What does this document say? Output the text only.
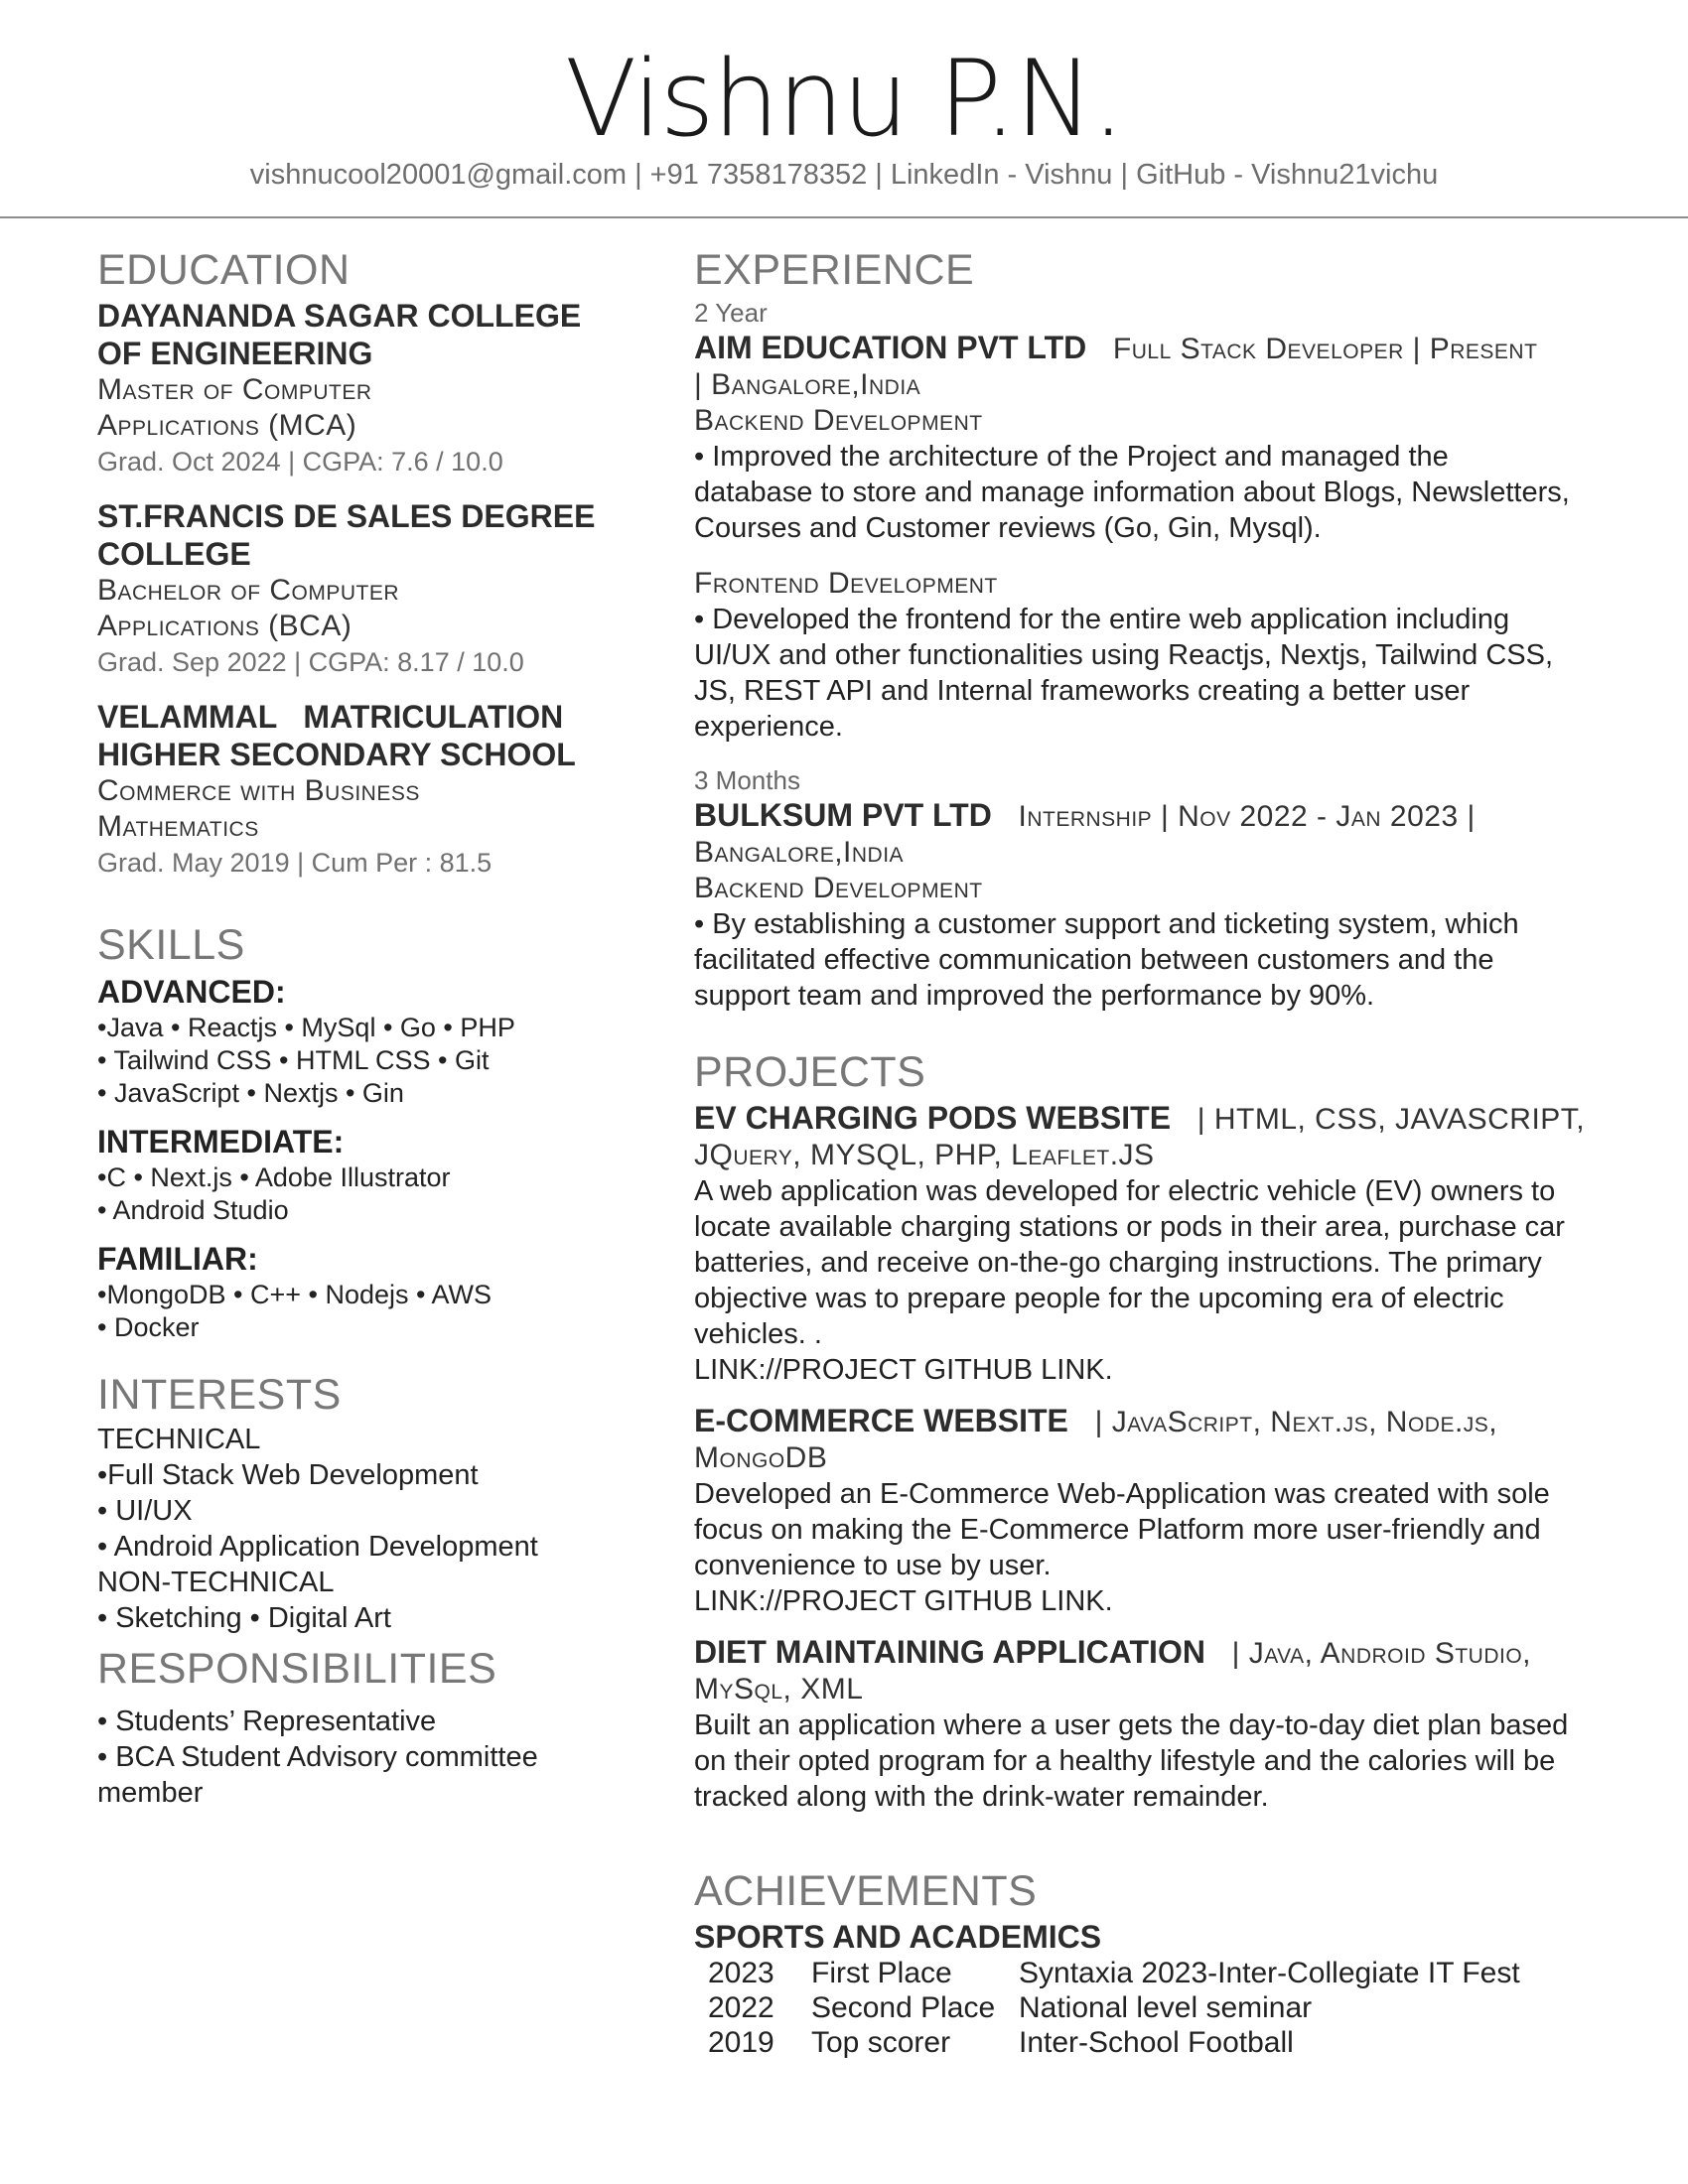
Vishnu P.N.
vishnucool20001@gmail.com | +91 7358178352 | LinkedIn - Vishnu | GitHub - Vishnu21vichu
EDUCATION
DAYANANDA SAGAR COLLEGE
OF ENGINEERING
Master of Computer
Applications (MCA)
Grad. Oct 2024 | CGPA: 7.6 / 10.0
ST.FRANCIS DE SALES DEGREE
COLLEGE
Bachelor of Computer
Applications (BCA)
Grad. Sep 2022 | CGPA: 8.17 / 10.0
VELAMMAL   MATRICULATION
HIGHER SECONDARY SCHOOL
Commerce with Business
Mathematics
Grad. May 2019 | Cum Per : 81.5
SKILLS
ADVANCED:
•Java • Reactjs • MySql • Go • PHP
• Tailwind CSS • HTML CSS • Git
• JavaScript • Nextjs • Gin
INTERMEDIATE:
•C • Next.js • Adobe Illustrator
• Android Studio
FAMILIAR:
•MongoDB • C++ • Nodejs • AWS
• Docker
INTERESTS
TECHNICAL
•Full Stack Web Development
• UI/UX
• Android Application Development
NON-TECHNICAL
• Sketching • Digital Art
RESPONSIBILITIES
• Students’ Representative
• BCA Student Advisory committee
member
EXPERIENCE
2 Year
AIM EDUCATION PVT LTD Full Stack Developer | Present
| Bangalore,India
Backend Development
• Improved the architecture of the Project and managed the
database to store and manage information about Blogs, Newsletters,
Courses and Customer reviews (Go, Gin, Mysql).
Frontend Development
• Developed the frontend for the entire web application including
UI/UX and other functionalities using Reactjs, Nextjs, Tailwind CSS,
JS, REST API and Internal frameworks creating a better user
experience.
3 Months
BULKSUM PVT LTD Internship | Nov 2022 - Jan 2023 |
Bangalore,India
Backend Development
• By establishing a customer support and ticketing system, which
facilitated effective communication between customers and the
support team and improved the performance by 90%.
PROJECTS
EV CHARGING PODS WEBSITE | HTML, CSS, JAVASCRIPT,
JQuery, MYSQL, PHP, Leaflet.JS
A web application was developed for electric vehicle (EV) owners to
locate available charging stations or pods in their area, purchase car
batteries, and receive on-the-go charging instructions. The primary
objective was to prepare people for the upcoming era of electric
vehicles. .
LINK://PROJECT GITHUB LINK.
E-COMMERCE WEBSITE | JavaScript, Next.js, Node.js,
MongoDB
Developed an E-Commerce Web-Application was created with sole
focus on making the E-Commerce Platform more user-friendly and
convenience to use by user.
LINK://PROJECT GITHUB LINK.
DIET MAINTAINING APPLICATION | Java, Android Studio,
MySql, XML
Built an application where a user gets the day-to-day diet plan based
on their opted program for a healthy lifestyle and the calories will be
tracked along with the drink-water remainder.
ACHIEVEMENTS
SPORTS AND ACADEMICS
2023	First Place	Syntaxia 2023-Inter-Collegiate IT Fest
2022	Second Place	National level seminar
2019	Top scorer	Inter-School Football
